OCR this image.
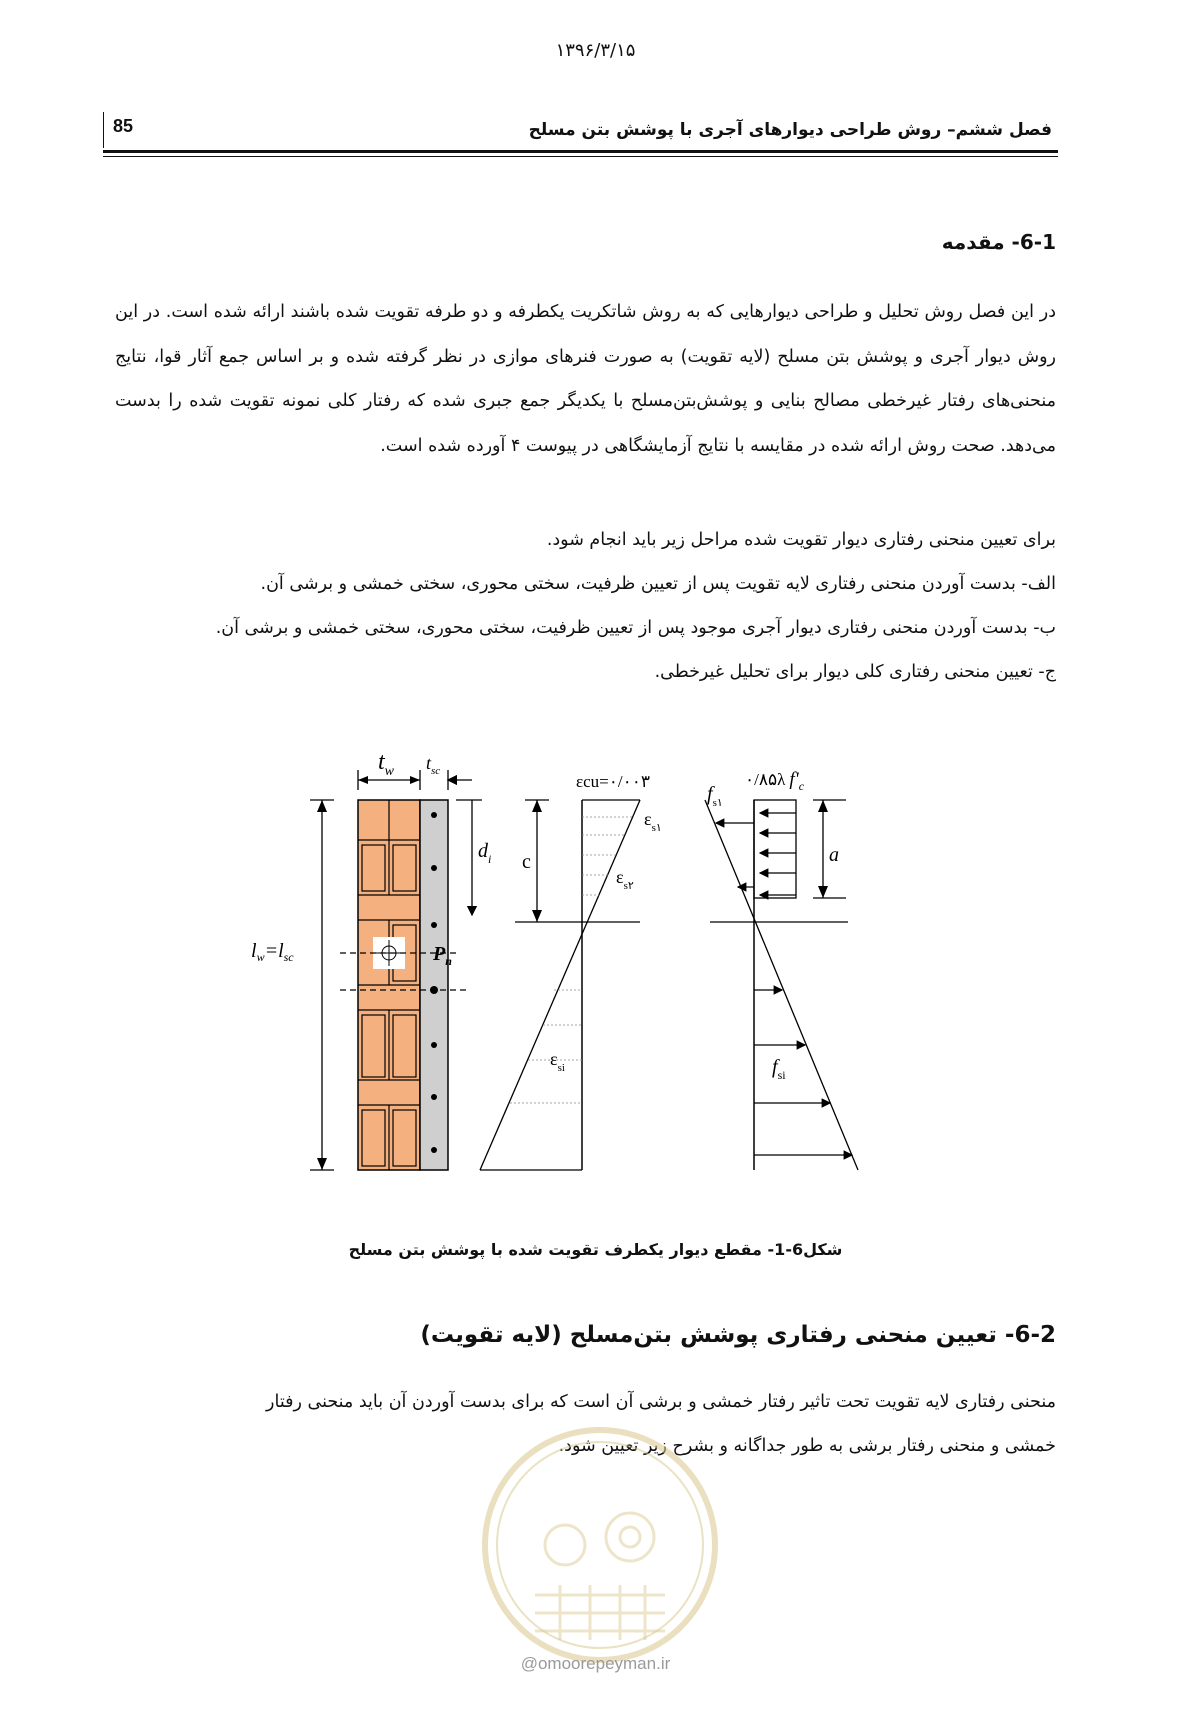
۱۳۹۶/۳/۱۵
85	فصل ششم– روش طراحی دیوارهای آجری با پوشش بتن مسلح
6-1- مقدمه
در این فصل روش تحلیل و طراحی دیوارهایی که به روش شاتکریت یکطرفه و دو طرفه تقویت شده باشند ارائه شده است. در این روش دیوار آجری و پوشش بتن مسلح (لایه تقویت) به صورت فنرهای موازی در نظر گرفته شده و بر اساس جمع آثار قوا، نتایج منحنی‌های رفتار غیرخطی مصالح بنایی و پوشش‌بتن‌مسلح با یکدیگر جمع جبری شده که رفتار کلی نمونه تقویت شده را بدست می‌دهد. صحت روش ارائه شده در مقایسه با نتایج آزمایشگاهی در پیوست ۴ آورده شده است.
برای تعیین منحنی رفتاری دیوار تقویت شده مراحل زیر باید انجام شود.
الف- بدست آوردن منحنی رفتاری لایه تقویت پس از تعیین ظرفیت، سختی محوری، سختی خمشی و برشی آن.
ب- بدست آوردن منحنی رفتاری دیوار آجری موجود پس از تعیین ظرفیت، سختی محوری، سختی خمشی و برشی آن.
ج- تعیین منحنی رفتاری کلی دیوار برای تحلیل غیرخطی.
$l_w=l_{sc}$
$t_w$ $t_{sc}$
$d_i$
$P_n$
c
εcu=۰/۰۰۳
$\varepsilon_{s۱}$
$\varepsilon_{s۲}$
$\varepsilon_{si}$
a
۰/۸۵λ $f'_c$
$f_{s۱}$
$f_{si}$
شکل6-1- مقطع دیوار یکطرف تقویت شده با پوشش بتن مسلح
6-2- تعیین منحنی رفتاری پوشش بتن‌مسلح (لایه تقویت)
منحنی رفتاری لایه تقویت تحت تاثیر رفتار خمشی و برشی آن است که برای بدست آوردن آن باید منحنی رفتار
خمشی و منحنی رفتار برشی به طور جداگانه و بشرح زیر تعیین شود.
@omoorepeyman.ir
